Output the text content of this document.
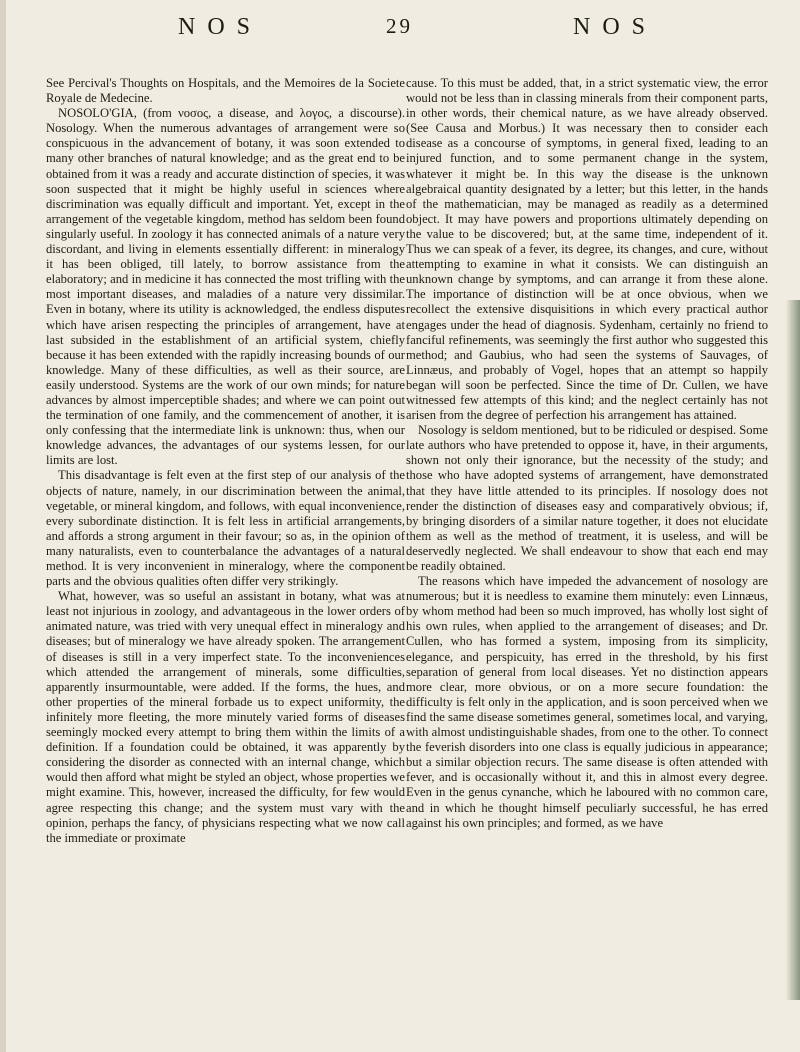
N O S	29	N O S

See Percival's Thoughts on Hospitals, and the Memoires de la Societe Royale de Medecine.

NOSOLO'GIA, (from νοσος, a disease, and λογος, a discourse). Nosology. When the numerous advantages of arrangement were so conspicuous in the advancement of botany, it was soon extended to many other branches of natural knowledge; and as the great end to be obtained from it was a ready and accurate distinction of species, it was soon suspected that it might be highly useful in sciences where discrimination was equally difficult and important. Yet, except in the arrangement of the vegetable kingdom, method has seldom been found singularly useful. In zoology it has connected animals of a nature very discordant, and living in elements essentially different: in mineralogy it has been obliged, till lately, to borrow assistance from the elaboratory; and in medicine it has connected the most trifling with the most important diseases, and maladies of a nature very dissimilar. Even in botany, where its utility is acknowledged, the endless disputes which have arisen respecting the principles of arrangement, have at last subsided in the establishment of an artificial system, chiefly because it has been extended with the rapidly increasing bounds of our knowledge. Many of these difficulties, as well as their source, are easily understood. Systems are the work of our own minds; for nature advances by almost imperceptible shades; and where we can point out the termination of one family, and the commencement of another, it is only confessing that the intermediate link is unknown: thus, when our knowledge advances, the advantages of our systems lessen, for our limits are lost.

This disadvantage is felt even at the first step of our analysis of the objects of nature, namely, in our discrimination between the animal, vegetable, or mineral kingdom, and follows, with equal inconvenience, every subordinate distinction. It is felt less in artificial arrangements, and affords a strong argument in their favour; so as, in the opinion of many naturalists, even to counterbalance the advantages of a natural method. It is very inconvenient in mineralogy, where the component parts and the obvious qualities often differ very strikingly.

What, however, was so useful an assistant in botany, what was at least not injurious in zoology, and advantageous in the lower orders of animated nature, was tried with very unequal effect in mineralogy and diseases; but of mineralogy we have already spoken. The arrangement of diseases is still in a very imperfect state. To the inconveniences which attended the arrangement of minerals, some difficulties, apparently insurmountable, were added. If the forms, the hues, and other properties of the mineral forbade us to expect uniformity, the infinitely more fleeting, the more minutely varied forms of diseases seemingly mocked every attempt to bring them within the limits of a definition. If a foundation could be obtained, it was apparently by considering the disorder as connected with an internal change, which would then afford what might be styled an object, whose properties we might examine. This, however, increased the difficulty, for few would agree respecting this change; and the system must vary with the opinion, perhaps the fancy, of physicians respecting what we now call the immediate or proximate

cause. To this must be added, that, in a strict systematic view, the error would not be less than in classing minerals from their component parts, in other words, their chemical nature, as we have already observed. (See Causa and Morbus.) It was necessary then to consider each disease as a concourse of symptoms, in general fixed, leading to an injured function, and to some permanent change in the system, whatever it might be. In this way the disease is the unknown algebraical quantity designated by a letter; but this letter, in the hands of the mathematician, may be managed as readily as a determined object. It may have powers and proportions ultimately depending on the value to be discovered; but, at the same time, independent of it. Thus we can speak of a fever, its degree, its changes, and cure, without attempting to examine in what it consists. We can distinguish an unknown change by symptoms, and can arrange it from these alone. The importance of distinction will be at once obvious, when we recollect the extensive disquisitions in which every practical author engages under the head of diagnosis. Sydenham, certainly no friend to fanciful refinements, was seemingly the first author who suggested this method; and Gaubius, who had seen the systems of Sauvages, of Linnæus, and probably of Vogel, hopes that an attempt so happily began will soon be perfected. Since the time of Dr. Cullen, we have witnessed few attempts of this kind; and the neglect certainly has not arisen from the degree of perfection his arrangement has attained.

Nosology is seldom mentioned, but to be ridiculed or despised. Some late authors who have pretended to oppose it, have, in their arguments, shown not only their ignorance, but the necessity of the study; and those who have adopted systems of arrangement, have demonstrated that they have little attended to its principles. If nosology does not render the distinction of diseases easy and comparatively obvious; if, by bringing disorders of a similar nature together, it does not elucidate them as well as the method of treatment, it is useless, and will be deservedly neglected. We shall endeavour to show that each end may be readily obtained.

The reasons which have impeded the advancement of nosology are numerous; but it is needless to examine them minutely: even Linnæus, by whom method had been so much improved, has wholly lost sight of his own rules, when applied to the arrangement of diseases; and Dr. Cullen, who has formed a system, imposing from its simplicity, elegance, and perspicuity, has erred in the threshold, by his first separation of general from local diseases. Yet no distinction appears more clear, more obvious, or on a more secure foundation: the difficulty is felt only in the application, and is soon perceived when we find the same disease sometimes general, sometimes local, and varying, with almost undistinguishable shades, from one to the other. To connect the feverish disorders into one class is equally judicious in appearance; but a similar objection recurs. The same disease is often attended with fever, and is occasionally without it, and this in almost every degree. Even in the genus cynanche, which he laboured with no common care, and in which he thought himself peculiarly successful, he has erred against his own principles; and formed, as we have
